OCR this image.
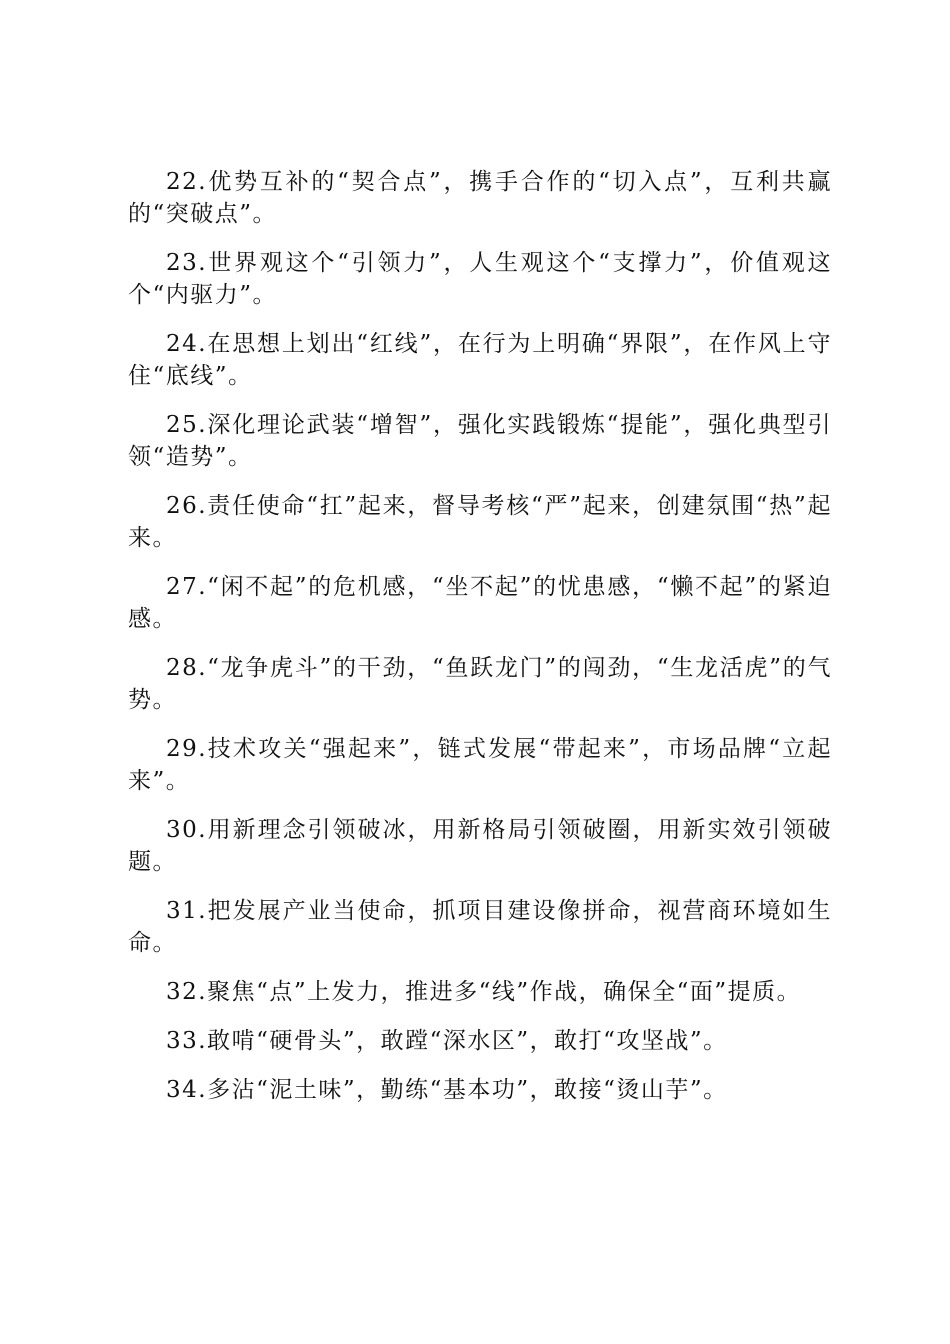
22.优势互补的“契合点”，携手合作的“切入点”，互利共赢的“突破点”。

23.世界观这个“引领力”，人生观这个“支撑力”，价值观这个“内驱力”。

24.在思想上划出“红线”，在行为上明确“界限”，在作风上守住“底线”。

25.深化理论武装“增智”，强化实践锻炼“提能”，强化典型引领“造势”。

26.责任使命“扛”起来，督导考核“严”起来，创建氛围“热”起来。

27.“闲不起”的危机感，“坐不起”的忧患感，“懒不起”的紧迫感。

28.“龙争虎斗”的干劲，“鱼跃龙门”的闯劲，“生龙活虎”的气势。

29.技术攻关“强起来”，链式发展“带起来”，市场品牌“立起来”。

30.用新理念引领破冰，用新格局引领破圈，用新实效引领破题。

31.把发展产业当使命，抓项目建设像拼命，视营商环境如生命。

32.聚焦“点”上发力，推进多“线”作战，确保全“面”提质。

33.敢啃“硬骨头”，敢蹚“深水区”，敢打“攻坚战”。

34.多沾“泥土味”，勤练“基本功”，敢接“烫山芋”。
